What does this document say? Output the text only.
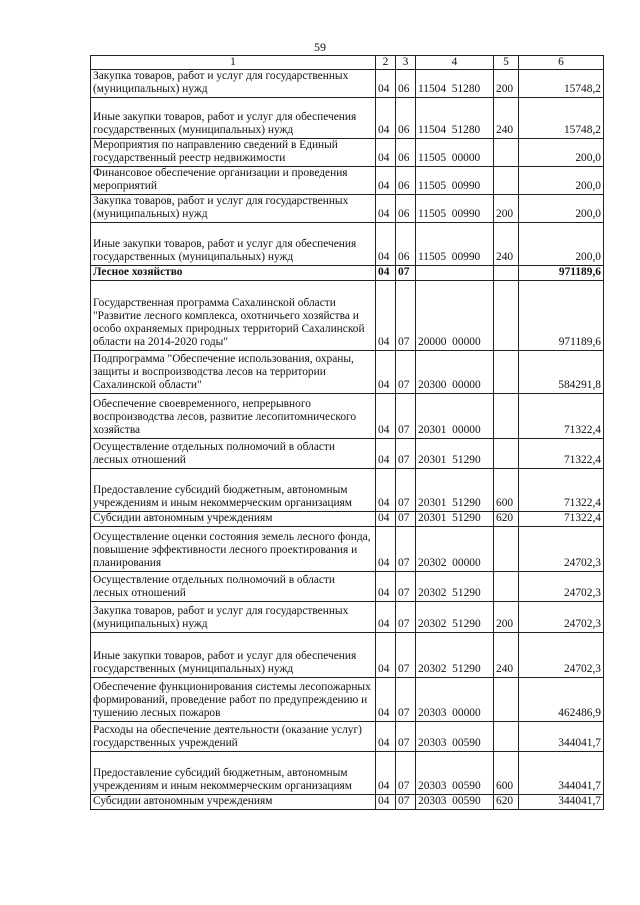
59
1	2	3	4	5	6
Закупка товаров, работ и услуг для государственных (муниципальных) нужд	04	06	11504  51280	200	15748,2
Иные закупки товаров, работ и услуг для обеспечения государственных (муниципальных) нужд	04	06	11504  51280	240	15748,2
Мероприятия по направлению сведений в Единый государственный реестр недвижимости	04	06	11505  00000		200,0
Финансовое обеспечение организации и проведения мероприятий	04	06	11505  00990		200,0
Закупка товаров, работ и услуг для государственных (муниципальных) нужд	04	06	11505  00990	200	200,0
Иные закупки товаров, работ и услуг для обеспечения государственных (муниципальных) нужд	04	06	11505  00990	240	200,0
Лесное хозяйство	04	07			971189,6
Государственная программа Сахалинской области "Развитие лесного комплекса, охотничьего хозяйства и особо охраняемых природных территорий Сахалинской области на 2014-2020 годы"	04	07	20000  00000		971189,6
Подпрограмма "Обеспечение использования, охраны, защиты и воспроизводства лесов на территории Сахалинской области"	04	07	20300  00000		584291,8
Обеспечение своевременного, непрерывного воспроизводства лесов, развитие лесопитомнического хозяйства	04	07	20301  00000		71322,4
Осуществление отдельных полномочий в области лесных отношений	04	07	20301  51290		71322,4
Предоставление субсидий бюджетным, автономным учреждениям и иным некоммерческим организациям	04	07	20301  51290	600	71322,4
Субсидии автономным учреждениям	04	07	20301  51290	620	71322,4
Осуществление оценки состояния земель лесного фонда, повышение эффективности лесного проектирования и планирования	04	07	20302  00000		24702,3
Осуществление отдельных полномочий в области лесных отношений	04	07	20302  51290		24702,3
Закупка товаров, работ и услуг для государственных (муниципальных) нужд	04	07	20302  51290	200	24702,3
Иные закупки товаров, работ и услуг для обеспечения государственных (муниципальных) нужд	04	07	20302  51290	240	24702,3
Обеспечение функционирования системы лесопожарных формирований, проведение работ по предупреждению и тушению лесных пожаров	04	07	20303  00000		462486,9
Расходы на обеспечение деятельности (оказание услуг) государственных учреждений	04	07	20303  00590		344041,7
Предоставление субсидий бюджетным, автономным учреждениям и иным некоммерческим организациям	04	07	20303  00590	600	344041,7
Субсидии автономным учреждениям	04	07	20303  00590	620	344041,7
